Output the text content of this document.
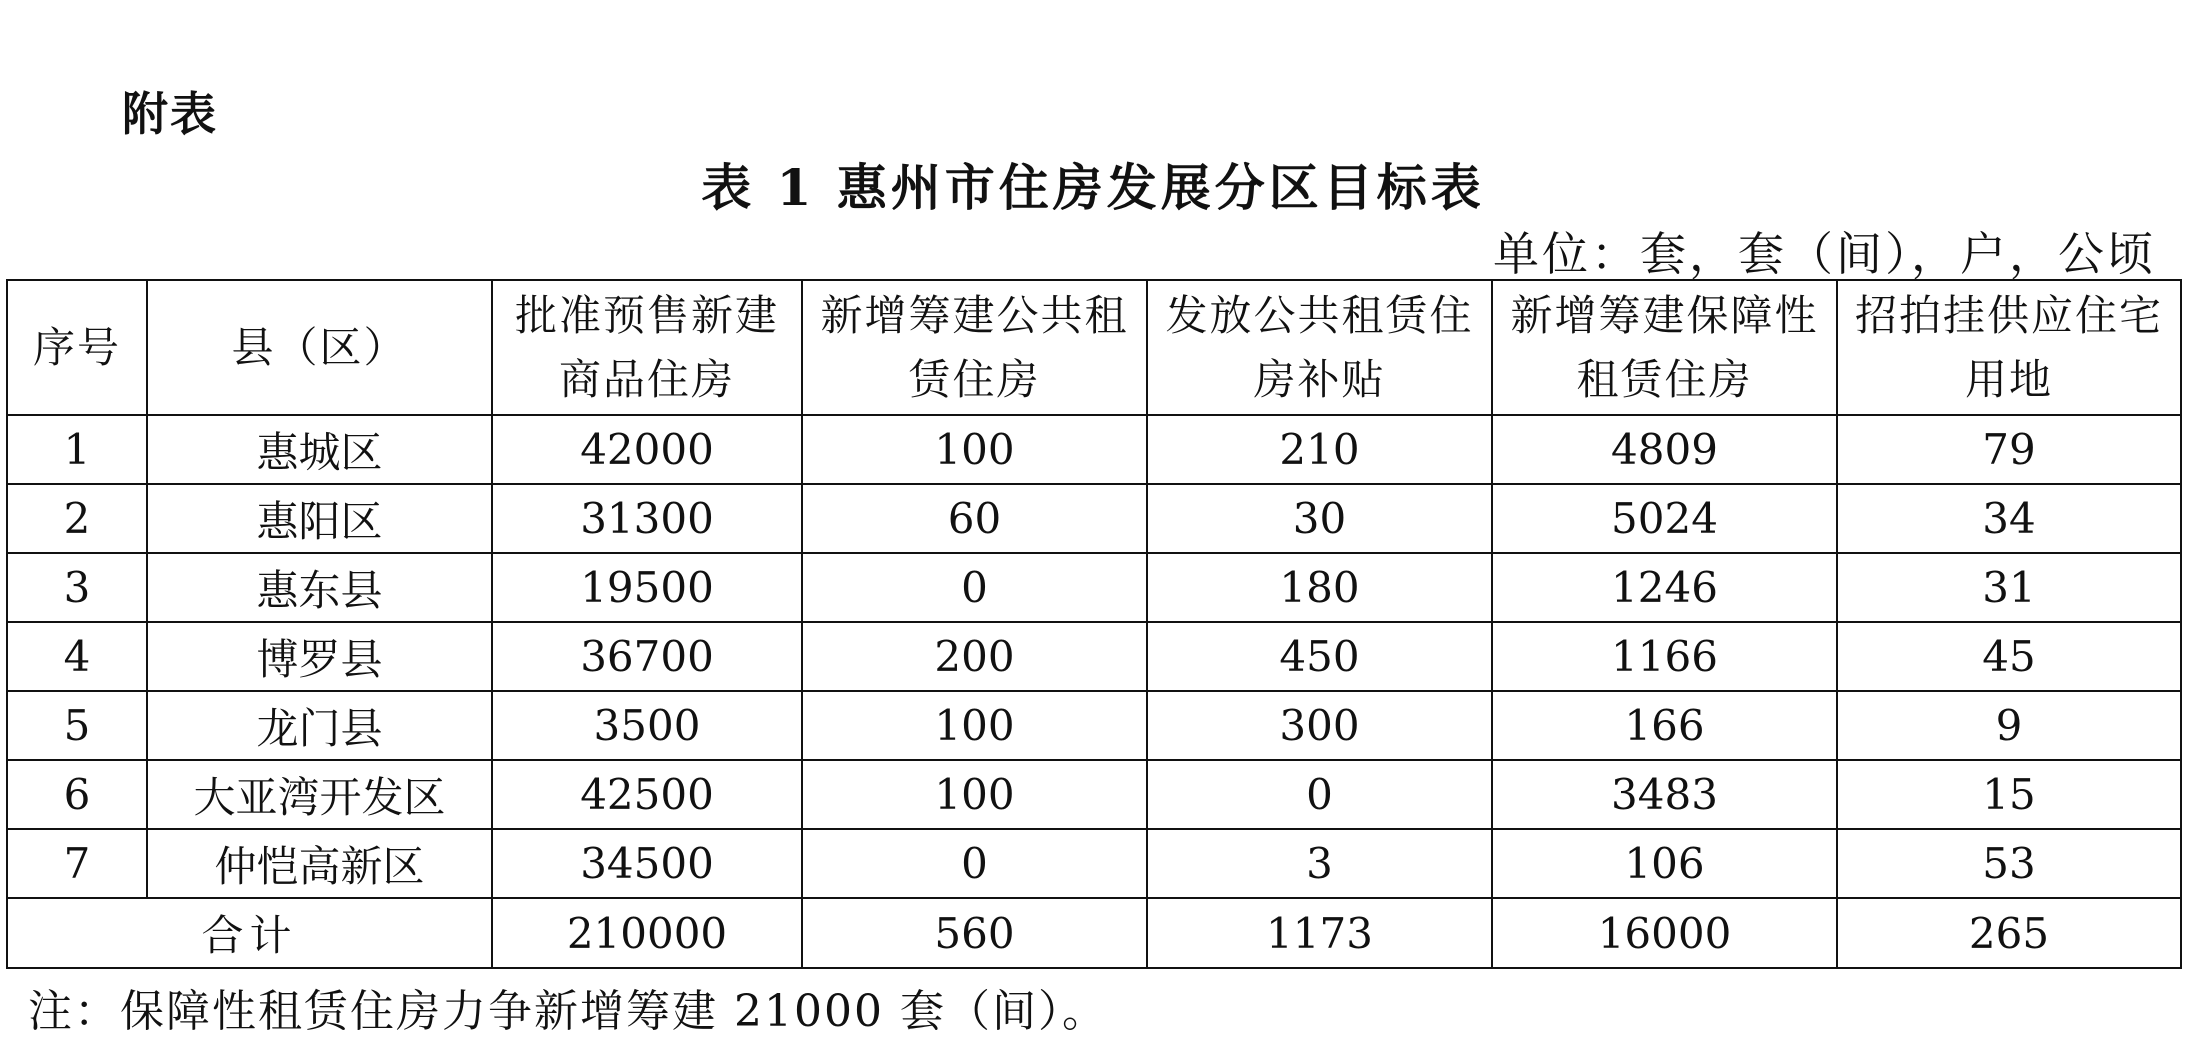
附表
表 1 惠州市住房发展分区目标表
单位：套，套（间），户，公顷
序号	县（区）	批准预售新建商品住房	新增筹建公共租赁住房	发放公共租赁住房补贴	新增筹建保障性租赁住房	招拍挂供应住宅用地
1	惠城区	42000	100	210	4809	79
2	惠阳区	31300	60	30	5024	34
3	惠东县	19500	0	180	1246	31
4	博罗县	36700	200	450	1166	45
5	龙门县	3500	100	300	166	9
6	大亚湾开发区	42500	100	0	3483	15
7	仲恺高新区	34500	0	3	106	53
合计		210000	560	1173	16000	265
注：保障性租赁住房力争新增筹建 21000 套（间）。
